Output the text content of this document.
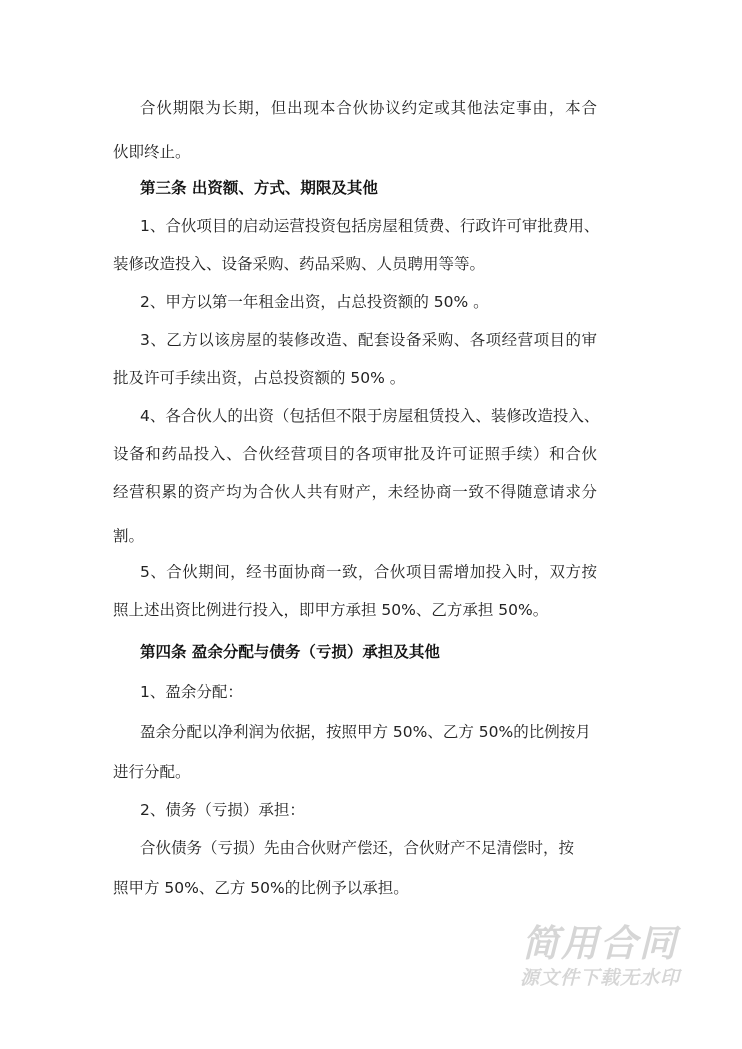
合伙期限为长期，但出现本合伙协议约定或其他法定事由，本合
伙即终止。
第三条 出资额、方式、期限及其他
1、合伙项目的启动运营投资包括房屋租赁费、行政许可审批费用、
装修改造投入、设备采购、药品采购、人员聘用等等。
2、甲方以第一年租金出资，占总投资额的 50% 。
3、乙方以该房屋的装修改造、配套设备采购、各项经营项目的审
批及许可手续出资，占总投资额的 50% 。
4、各合伙人的出资（包括但不限于房屋租赁投入、装修改造投入、
设备和药品投入、合伙经营项目的各项审批及许可证照手续）和合伙
经营积累的资产均为合伙人共有财产，未经协商一致不得随意请求分
割。
5、合伙期间，经书面协商一致，合伙项目需增加投入时，双方按
照上述出资比例进行投入，即甲方承担 50%、乙方承担 50%。
第四条 盈余分配与债务（亏损）承担及其他
1、盈余分配：
盈余分配以净利润为依据，按照甲方 50%、乙方 50%的比例按月
进行分配。
2、债务（亏损）承担：
合伙债务（亏损）先由合伙财产偿还，合伙财产不足清偿时，按
照甲方 50%、乙方 50%的比例予以承担。
简用合同
源文件下载无水印
